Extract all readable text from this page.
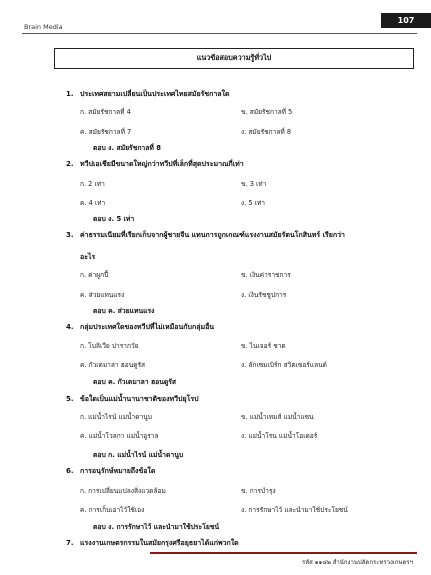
Brain Media
107
แนวข้อสอบความรู้ทั่วไป
1. ประเทศสยามเปลี่ยนเป็นประเทศไทยสมัยรัชกาลใด
ก. สมัยรัชกาลที่ 4	ข. สมัยรัชกาลที่ 5
ค. สมัยรัชกาลที่ 7	ง. สมัยรัชกาลที่ 8
ตอบ ง. สมัยรัชกาลที่ 8
2. ทวีปเอเชียมีขนาดใหญ่กว่าทวีปที่เล็กที่สุดประมาณกี่เท่า
ก. 2 เท่า	ข. 3 เท่า
ค. 4 เท่า	ง. 5 เท่า
ตอบ ง. 5 เท่า
3. ค่าธรรมเนียมที่เรียกเก็บจากผู้ชายจีน แทนการถูกเกณฑ์แรงงานสมัยรัตนโกสินทร์ เรียกว่า
อะไร
ก. ค่าผูกปี้	ข. เงินค่าราชการ
ค. ส่วยแทนแรง	ง. เงินรัชชูปการ
ตอบ ค. ส่วยแทนแรง
4. กลุ่มประเทศใดของทวีปที่ไม่เหมือนกับกลุ่มอื่น
ก. โบลิเวีย ปารากวัย	ข. ไนเจอร์ ชาด
ค. กัวเตมาลา ฮอนดูรัส	ง. ลักเซมเบิร์ก สวิตเซอร์แลนด์
ตอบ ค. กัวเตมาลา ฮอนดูรัส
5. ข้อใดเป็นแม่น้ำนานาชาติของทวีปยุโรป
ก. แม่น้ำไรน์ แม่น้ำดานูบ	ข. แม่น้ำเทมส์ แม่น้ำแซน
ค. แม่น้ำโวลกา แม่น้ำอูราล	ง. แม่น้ำโรน แม่น้ำโอเดอร์
ตอบ ก. แม่น้ำไรน์ แม่น้ำดานูบ
6. การอนุรักษ์หมายถึงข้อใด
ก. การเปลี่ยนแปลงสิ่งแวดล้อม	ข. การบำรุง
ค. การเก็บเอาไว้ใช้เอง	ง. การรักษาไว้ และนำมาใช้ประโยชน์
ตอบ ง. การรักษาไว้ และนำมาใช้ประโยชน์
7. แรงงานเกษตรกรรมในสมัยกรุงศรีอยุธยาได้แก่พวกใด
รหัส ๑๑๔๒ สำนักงานปลัดกระทรวงเกษตรฯ
